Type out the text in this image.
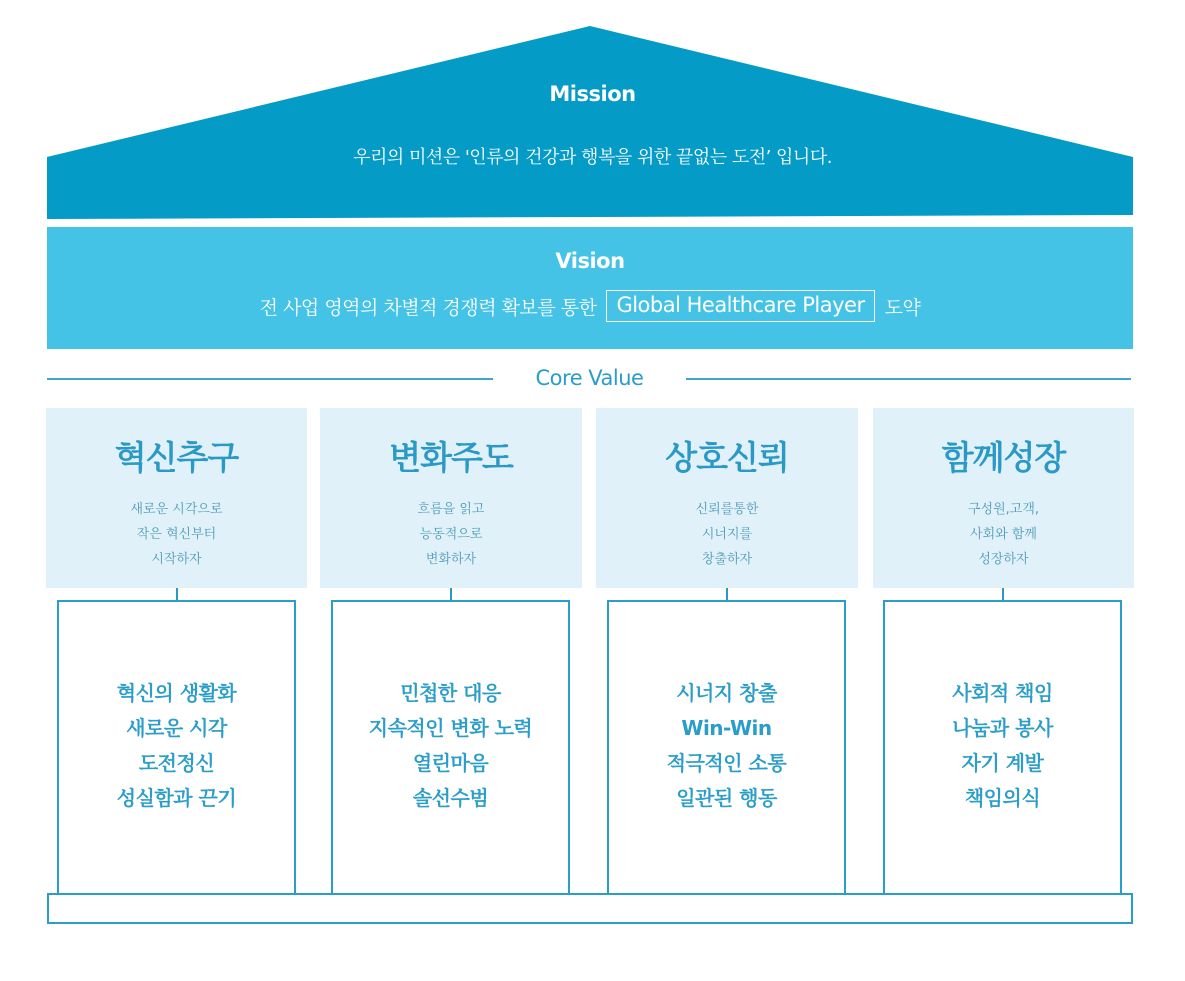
Mission
우리의 미션은 '인류의 건강과 행복을 위한 끝없는 도전’ 입니다.
Vision
전 사업 영역의 차별적 경쟁력 확보를 통한 Global Healthcare Player	도약
Core Value
혁신추구
새로운 시각으로
작은 혁신부터
시작하자
혁신의 생활화
새로운 시각
도전정신
성실함과 끈기
변화주도
흐름을 읽고
능동적으로
변화하자
민첩한 대응
지속적인 변화 노력
열린마음
솔선수범
상호신뢰
신뢰를통한
시너지를
창출하자
시너지 창출
Win-Win
적극적인 소통
일관된 행동
함께성장
구성원,고객,
사회와 함께
성장하자
사회적 책임
나눔과 봉사
자기 계발
책임의식
